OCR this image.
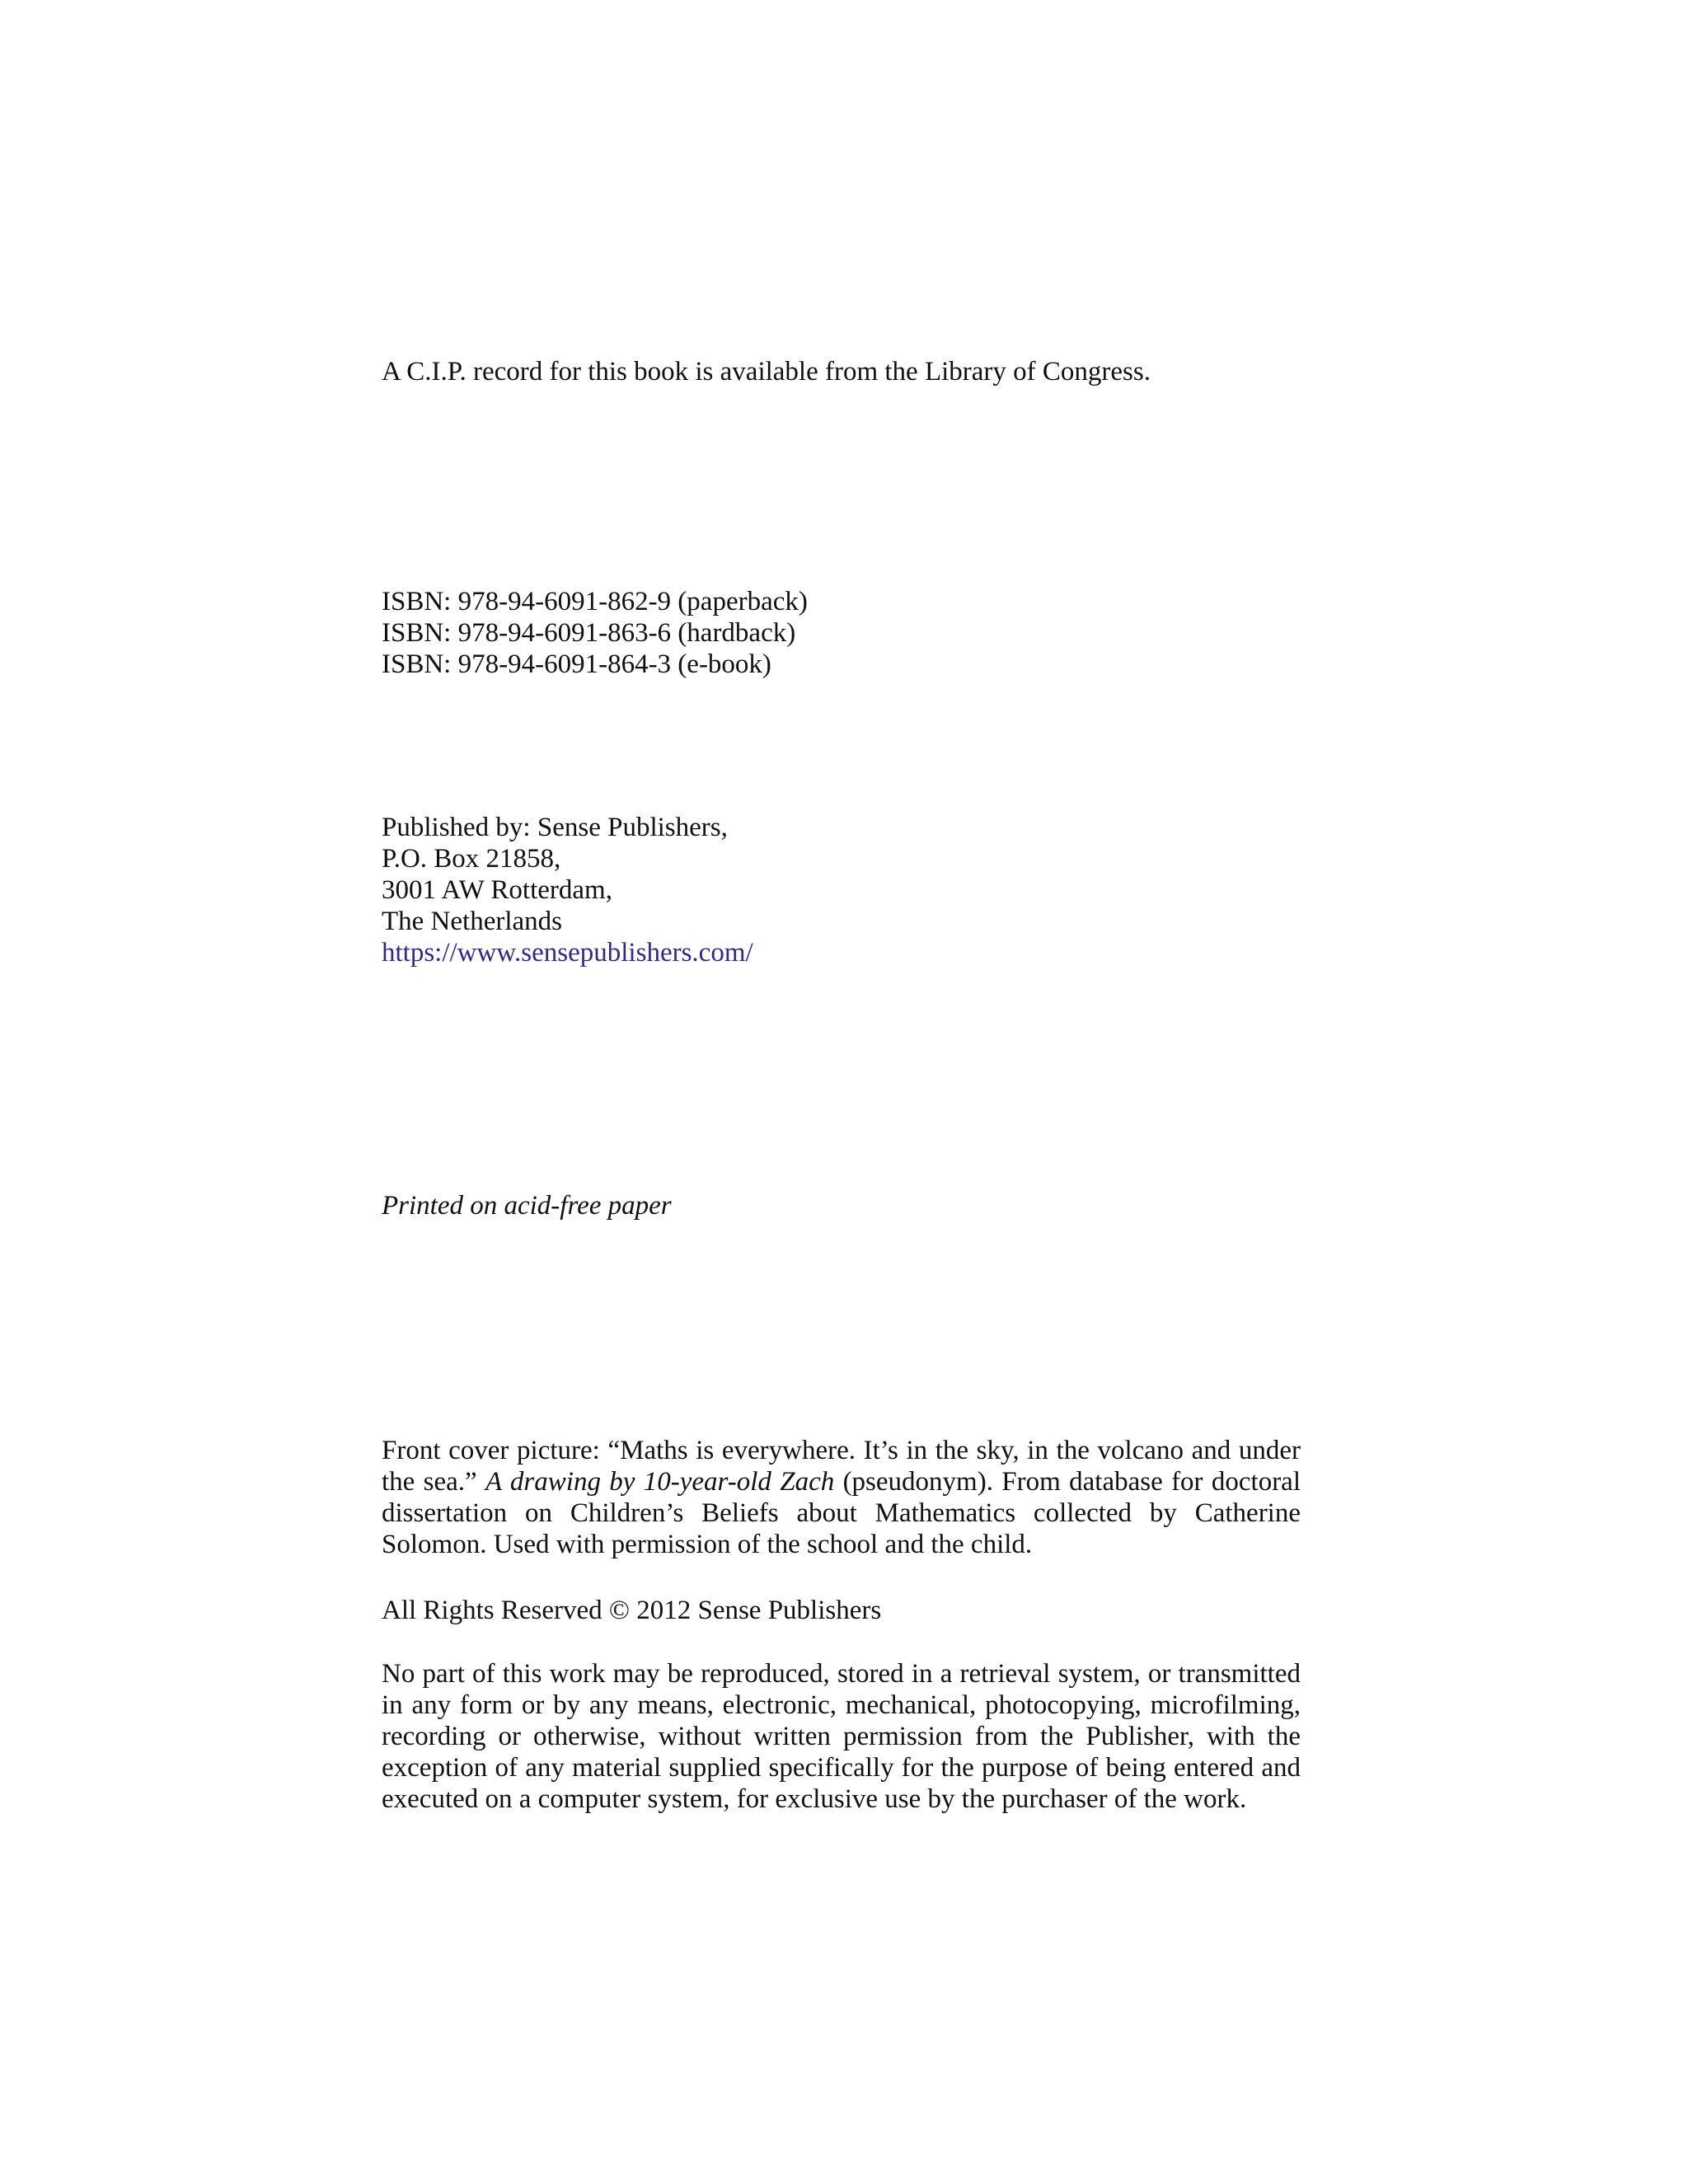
A C.I.P. record for this book is available from the Library of Congress.
ISBN: 978-94-6091-862-9 (paperback)
ISBN: 978-94-6091-863-6 (hardback)
ISBN: 978-94-6091-864-3 (e-book)
Published by: Sense Publishers,
P.O. Box 21858,
3001 AW Rotterdam,
The Netherlands
https://www.sensepublishers.com/
Printed on acid-free paper

Front cover picture: “Maths is everywhere. It’s in the sky, in the volcano and under the sea.” A drawing by 10-year-old Zach (pseudonym). From database for doctoral dissertation on Children’s Beliefs about Mathematics collected by Catherine Solomon. Used with permission of the school and the child.

All Rights Reserved © 2012 Sense Publishers

No part of this work may be reproduced, stored in a retrieval system, or transmitted in any form or by any means, electronic, mechanical, photocopying, microfilming, recording or otherwise, without written permission from the Publisher, with the exception of any material supplied specifically for the purpose of being entered and executed on a computer system, for exclusive use by the purchaser of the work.
